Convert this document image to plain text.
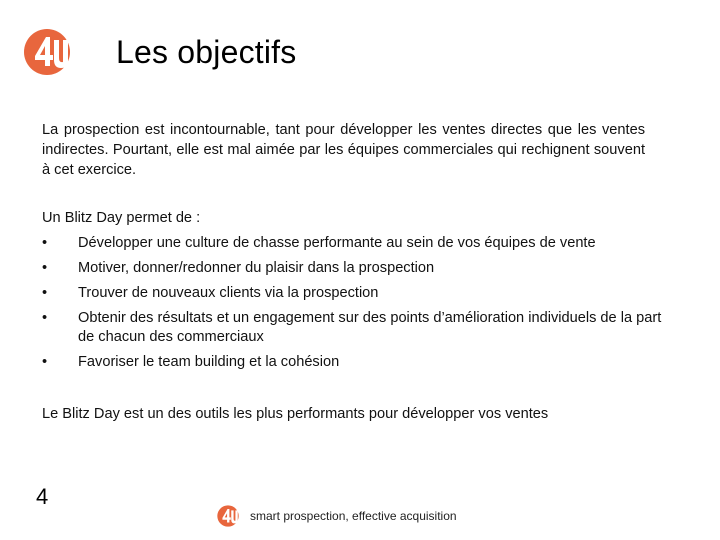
Les objectifs

La prospection est incontournable, tant pour développer les ventes directes que les ventes indirectes. Pourtant, elle est mal aimée par les équipes commerciales qui rechignent souvent à cet exercice.

Un Blitz Day permet de :

•	Développer une culture de chasse performante au sein de vos équipes de vente
•	Motiver, donner/redonner du plaisir dans la prospection
•	Trouver de nouveaux clients via la prospection
•	Obtenir des résultats et un engagement sur des points d’amélioration individuels de la part de chacun des commerciaux
•	Favoriser le team building et la cohésion

Le Blitz Day est un des outils les plus performants pour développer vos ventes

4
smart prospection, effective acquisition
